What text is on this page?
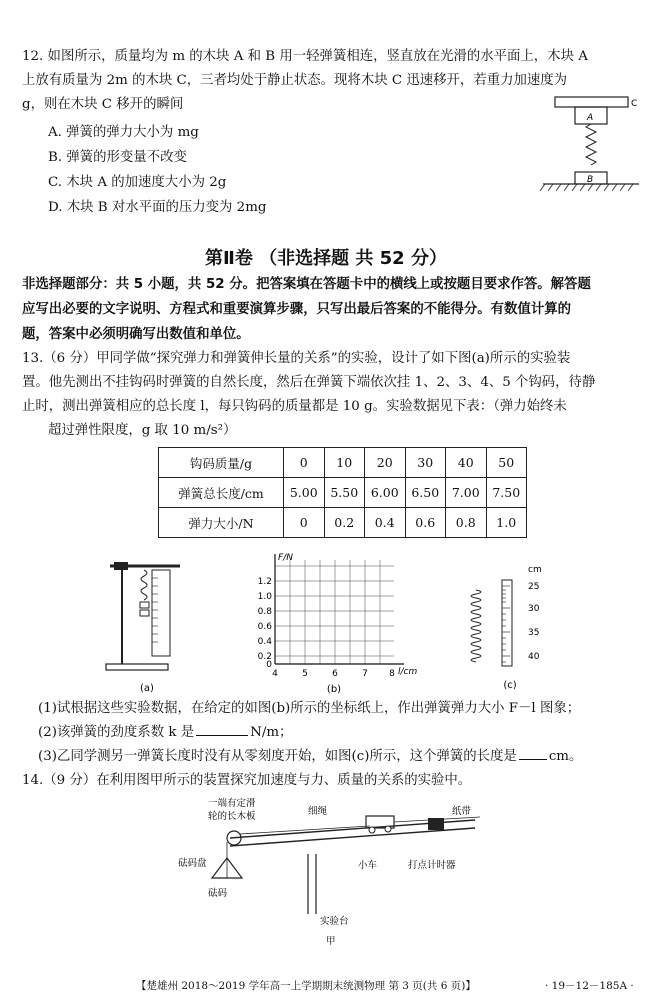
12. 如图所示，质量均为 m 的木块 A 和 B 用一轻弹簧相连，竖直放在光滑的水平面上，木块 A
上放有质量为 2m 的木块 C，三者均处于静止状态。现将木块 C 迅速移开，若重力加速度为
g，则在木块 C 移开的瞬间
A. 弹簧的弹力大小为 mg
B. 弹簧的形变量不改变
C. 木块 A 的加速度大小为 2g
D. 木块 B 对水平面的压力变为 2mg
C
A
B
第Ⅱ卷 （非选择题 共 52 分）
非选择题部分：共 5 小题，共 52 分。把答案填在答题卡中的横线上或按题目要求作答。解答题
应写出必要的文字说明、方程式和重要演算步骤，只写出最后答案的不能得分。有数值计算的
题，答案中必须明确写出数值和单位。
13.（6 分）甲同学做“探究弹力和弹簧伸长量的关系”的实验，设计了如下图(a)所示的实验装
置。他先测出不挂钩码时弹簧的自然长度，然后在弹簧下端依次挂 1、2、3、4、5 个钩码，待静
止时，测出弹簧相应的总长度 l，每只钩码的质量都是 10 g。实验数据见下表：（弹力始终未
超过弹性限度，g 取 10 m/s²）
钩码质量/g	0	10	20	30	40	50
弹簧总长度/cm	5.00	5.50	6.00	6.50	7.00	7.50
弹力大小/N	0	0.2	0.4	0.6	0.8	1.0
(a)
F/N
l/cm
0
0.2
0.4
0.6
0.8
1.0
1.2
4	5	6	7 8
(b)
cm
25
30
35
40
(c)
(1)试根据这些实验数据，在给定的如图(b)所示的坐标纸上，作出弹簧弹力大小 F－l 图象；
(2)该弹簧的劲度系数 k 是	N/m；
(3)乙同学测另一弹簧长度时没有从零刻度开始，如图(c)所示，这个弹簧的长度是 cm。
14.（9 分）在利用图甲所示的装置探究加速度与力、质量的关系的实验中。
一端有定滑
轮的长木板	细绳	纸带
砝码盘
砝码
小车	打点计时器
实验台
甲
【楚雄州 2018～2019 学年高一上学期期末统测物理 第 3 页(共 6 页)】	· 19－12－185A ·
